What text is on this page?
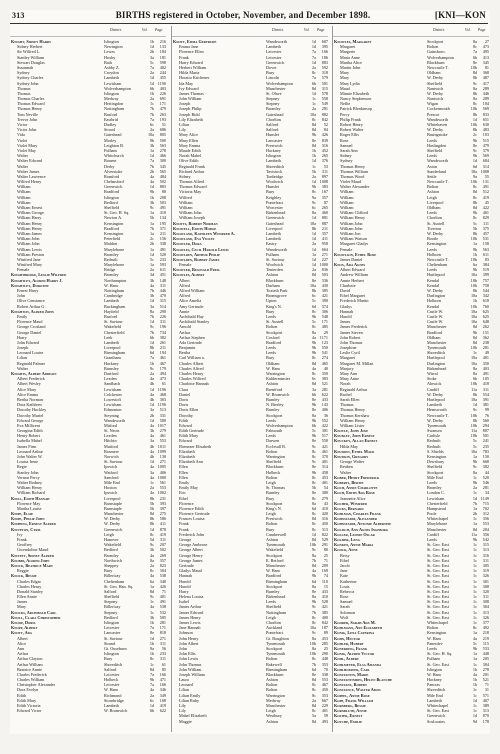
313	BIRTHS registered in October, November, and December 1898.	[KNI—KON
District.	Vol. Page
Knight, Sidney Harry	Islington	1b	216
Sidney Herbert	Newington	1d	133
Sir Wilfred L.	Lewes	2b	184
Stanley William	Hoxby	3a	181
Stewart Douglas	Bath	5c	598
Susannah	Ashby Z.	7a	402
Sydney	Croydon	2a	244
Sydney Charles	Lambeth	1d	455
Sydney John	Lewisham	1d 1190
Thomas	Wolverhampton	6b	403
Thomas	Islington	1b	226
Thomas Charles	Medway	2a	691
Thomas Edward	Hertingdon	1c	171
Thomas Henry	Nottingham	7b	479
Tom Neville	Basford	7b	263
Trevor John	Eastbrid	7a	193
Victor	Dudley	6c	51
Victor John	Strood	2a	686
Vida	Gateshead	10a	805
Violet	Morley	9b	500
Violet Mary	Leighton B.	3b	563
Violet May	Fulham	1a	278
Walter	Whitchurch	1d	466
Walter Edward	Bourne	7a	300
Walter	Derby	7b	345
Walter James	Alverstoke	2b	565
Walter Lawrence	Romford	4a	484
Wilfred Henry	Chelmsford	4a	502
William	Greenwich	1d	883
William	Bradford	9b	80
William	Islington	1b	208
William	Bedford	3b	503
William Ernest	Sheffield	9c	491
William George	St. Geo. H. Sq.	1a	410
William Harry	Newton A.	5b	134
William Henry	Kensington	1a	195
William Henry	Bradford	7b	371
William James	Kensington	1a	211
William John	Peterfield	2c	156
William John	Maldon	2b	338
William Lewis	Marylebone	1a	491
William Preston	Bromley	1d	520
Winifred Jane	Redruth	5c	233
Winifred Mary	Marylebone	1a	593
Female	Bridge	2a	611
Knightbridge, Leslie Wilfred	Bromley	3d	451
Knightley, Alfred Harry J.	Northampton	3b	148
Knightley, Dorothy	W. Ham	4a	311
Ernest Harry	Nottingham	7b	446
John	Cambridge	3b	470
Olive Constance	Lambeth	1d	315
Robert Arthur G.	Buckingham	3a	514
Knighton, Alfred John	Hayfield	8a	290
Emily	Basford	7b	226
Florence Maud	St. Saviour	1d	311
George Crosland	Wakefield	9c	196
George Daniel	Chesterfield	7b	734
Harry	Leek	6b	382
John Edward	Lambeth	1d	261
Joseph	Liverpool	8b	211
Leonard Louise	Birmingham	6d	194
Lilian	Grantham	7a	461
Reginald Palmer	Hackney	1b	467
Walter	Barnsley	9c	179
Knights, Albert Addison	Dartford	2a	494
Albert Frederick	Lexden	4a	473
Albert Wesley	Sandbach	4b	61
Alice Mary	Lewisham	1d 1196
Alice Emma	Colchester	4a	468
Bertha Norman	Lowestoft	4b	303
Dora Kathleen	Lewisham	1d 1196
Dorothy Hockley	Edmonton	3a	513
Dorothy Muriel	Steyning	2b	331
Edward George	Wandsworth	1d	580
Eva Millicent	Mitford	4a 1017
Georgina Edith	St. Neots	3b	279
Henry Robert	Lexden	4a	461
Isabella Mabel	Hitchin	3a	553
James Firm	Mutford	4b 1011
Leonard Arthur	Bosmere	4a 1099
John Walter W.	Norwich	4b	130
Louisa Irene	St. Saviour	1d	271
Regie	Ipswich	4a 1005
Stanley John	Watford	3a	406
Vernon Percy	Samford	4a 1000
Walter Rodney	Mile End	1c	561
William Henry	Hoxton	2a	553
William Richard	Ipswich	4a 1002
Knill, Edith Hannah	Liverpool	8b	231
Florence May	Barnstaple	5b	393
Martha Louise	Barnstaple	5b	397
Knipe, Elsie	Manchester	8d	275
Knipe, Philip John	W. Derby	8b	586
Knipping, Ernest Alfred	W. Derby	8b	411
Kniveton, Cyril	Greenwich	1d	878
Ivy	Leigh	8c	419
Frank	Hanover	5d	311
Geoffrey	Wakefield	9c	207
Gwendoline Maud	Bedford	3b	502
Knivett, Sidney Alfred	Bromley	4a	269
Knobbs, Alfred John	Northwich	8a	357
Knock, Beatrice Mary	Sheppey	2a	823
Reggie	Bury	8c	304
Knock, Bessie	Billericay	4a	538
Charles Edgar	Cheltenham	6a	340
Charles Henry	St. Geo. Han. Sq.	1a	426
Donald Stanley	Salford	8d	71
Ellen Annie	Sheffield	9c	401
James	Stepney	1c	491
Mary	Billericay	4a	538
Knocks, Archibald Carl	Stepney	1c	532
Knoll, Clara Christopher	Bedford	3b	505
Knoop, Doris	Islington	1b	281
Knopp, Albert	Leicester	7a	171
Knott, Ada	Lancaster	8e	818
Albert	St. Saviour	1d	271
Alice	Strand	1b	311
Ann	Gt. Ouseburn	9a	56
Arthur	Islington	1b	233
Arthur Clayton	Bury	8c	311
Arthur William	Shoreditch	1c	61
Beatrice Annie	Salford	8d	85
Charles Frederick	Leicester	7a	166
Charles William	Holbeck	9b	471
Christopher Alexander	Leicester	7a	166
Dora Evelyn	W. Ham	4a	346
Edith	Richmond	2a	349
Edith Mary	Stourbridge	6c	168
Edith Victoria	Lambeth	1d	419
Edward Victor	W. Bromwich	6b	622
District.	Vol. Page
Knott, Emma Gertrude	Wandsworth	1d	607
Emma Jane	Lambeth	1d	395
Florence Ellen	Leicester	7a	166
Frank	Leicester	7a	186
Harry Edward	Greenwich	1d	883
Herbert William	Dover	2a	592
Hilda Maria	Bury	8c	318
Horatio Kitchener	Lincoln	7a	579
Ida May	Wolverhampton	6b	501
Ivy Edward	Manchester	8d	315
James Thomas	St. Olave	1d	578
John William	Stepney	1c	558
Joseph	Stepney	1c	549
Joseph Philip	Bromley	2a	281
Joseph Ridd	Gateshead	10a	882
Lily Elizabeth	Chorlton	8c	842
Lilian	Salford	8d	52
Lily	Salford	8d	84
Mary Alice	Hunslet	9b	426
Mary Ellen	Lancaster	8e	839
Mary Emma	Prestwich	8d	316
Maude Edith	Hackney	1b	452
Norah Mabel	Islington	1b	265
Olive Edith	Lambeth	1d	376
Reginald Frank	Shoreditch	1c	53
Richard Arthur	Tavistock	5b	311
Sidney	Tonbridge	2a	897
Thomas Alfred	Woolwich	1d 1008
Thomas Edward	Hunslet	9b	383
Victoria May	Bury	8c	167
Wilfred	Keighley	9a	357
William	Pontefract	9c	87
William	Worcester	6c	265
William John	Birkenhead	8a	460
William Joseph	Greenwich	1d	881
Knotts, Robert Norman	Gateshead	10a	887
Knowell, Edwin Hodge	Liverpool	8b	211
Knowland, Kathleen Winifred A.	Lambeth	1d	357
Knowland, Eva Violet	Lambeth	1d	411
Knowler, Dora	Eastry	2a	958
Knowles, Cecil Harold Lewis	Wandsworth	1d	664
Knowlden, Arthur Philip	Fulham	1a	271
Knowlden, Robert James	St. Saviour	1d	227
Female	Woolwich	1d 1000
Knowler, Reginald Fred.	Tenterden	2a	836
Knowles, Albert	Ashton	8d	503
Albert	Blackburn	8e	336
Alfred	Durham	10a	430
Alfred William	Toxteth Park	8b	385
Alfred	Bromsgrove	6c	421
Alice Amelia	Upton	5c	390
Amy Gertrude	King's N.	6d	374
Annie	Bury	8c	306
Archibald Hay	Leeds	9b	548
Archibald Stanley	St. Austell	5c	171
Arnold	Bolton	8c	485
Arthur	Stockport	8a	29
Arthur Stephen	Cosford	4a 1171
Ada Gertrude	Bradford	9b	123
Benjamin	Leeds	9b	550
Bertha	Leeds	9b	541
Carl William a.	Bury	8c	274
Charles Albert	Oldham	8d	465
Charles Alfred	W. Ham	4a	40
Charles Henry	Warrington	8c	350
Charles Wilfred	Kidderminster	6c	383
Charlotte Hannah	Ashton	8d	521
Clara	Brentford	3a	281
Daniel	W. Bromwich	6b	622
Doris	Burnley	8e	433
Doris	N. Bierley	9b	143
Doris Ellen	Burnley	8e	406
Dorothy	Stockport	8a	36
Edith	Leeds	9b	552
Edward	Wolverhampton	6b	422
Edith Gertrude	Falmouth	5c	301
Edith Mary	Leeds	9b	517
Edward	Darwen	8e	550
Ebenezer Elisabeth	Ecclesall B.	9c	421
Elizabeth	Bolton	8c	461
Elizabeth	Warrington	8c	370
Elizabeth Ann	Sheffield	9c	401
Ellen	Blackburn	8e	314
Ellen	Holbeck	9b	458
Ellen	Bolton	8c	453
Emily	Leigh	8c	401
Emily May	St. Thomas	5b	54
Eric	Burnley	8e	380
Ethel	Bury	8c	279
Florence	Stockport	8a	43
Florence Edith	King's N.	6d	410
Florence Gertrude	Leigh	8c	420
Frances Louisa	Prestwich	8d	316
Frank	Bolton	8c	450
Frank	Bury	8c	313
Frederick John	Camberwell	1d	822
George	Ashton	8d	529
George Ambrose	Tynemouth	10b	291
George Albert	Wakefield	9c	80
George Henry	Stockport	8a	25
George James	E. Retford	7b	71
Gertrude	Manchester	8d	209
Gladys Maud	W. Ham	4a	169
Hannah	Bradford	9b	74
Harold	Birmingham	6d	110
Harold	Stockport	8a	15
Harry	Burnley	8e	433
Helena Louisa	Birkenhead	8a	410
Isabel	Leeds	9b	528
James Arthur	Sheffield	9c	421
James Edward	Nottingham	7b	385
James Henry	Leigh	8c	400
James Lewis	Chorlton	8c	842
Jane Hannah	Auckland	10a	187
Johnson	Pontefract	9c	89
John Henry	Gt. Boughton	8a	453
John Albert	Tynemouth	10b	285
John	Stockport	8a	25
John Ellis	Tynemouth	10b	290
John Lewis	Bolton	8c	448
John Thomas	Bakewell	7b	353
John William	Birmingham	6d	70
Joseph William	Blackburn	8e	338
Laura	Ashton	8d	553
Leonard	Bolton	8c	467
Lilian	Bolton	8c	450
Lilian Emily	Warrington	8c	353
Lilian Ruby	Medway	2a	667
Lily	Manchester	8d	229
Lily	Leigh	8c	401
Mabel Elizabeth	Westbury	5a	59
Maggie	Ashton	8d	493
District.	Vol. Page
Knowles, Margaret	Stockport	8a	27
Margaret	Bolton	8c	473
Margerie	Gainsboro.	7a	495
Maria Anne	Wolverhampton	6b	413
Martha Alice	Blackburn	8e	345
Martin John	Newcastle T.	10b	81
Mary	Oldham	8d	368
Mary	W. Derby	8b	487
Mary Lydia	Sheffield	9c	417
Maud	Nantwich	8a	289
Minnie Elizabeth	W. Derby	8b	446
Nancy Stephenson	Nantwich	8a	289
Nellie	Wigan	8c	104
Patrick Blenkinsop	Cockermouth	10b	569
Percy	Prescot	8b	833
Philip Frank	Wandsworth	1d	651
Robert Henry	Whitehaven	10b	630
Robert Walter	W. Derby	8b	483
Roger Ellis	Basingstoke	2c	103
Rose	Leeds	9b	515
Samuel	Haslingden	8e	479
Sarah Ann	Sheffield	9c	379
Sidney	Leeds	9b	569
Sydney	Wandsworth	1d	684
Thomas Henry	Aston	6d	314
Thomas William	Sunderland	10a 1008
Thomas Wood	Settle	9a	55
Violet Maud	Newcastle T.	10b	131
Walter Alexander	Bolton	8c	491
William	Ashton	8d	512
William	Leigh	8c	419
William	Liverpool	8b	45
William	Oldham	8d	422
William Clifford	Leeds	9b	461
William Henry	Chorlton	8c	829
William John	St. Austell	5c	111
William John	Tiverton	5b	375
William Jon	W. Derby	8b	457
William Watson	Bootle	10b	531
Margaret Gladys	Kensington	1a	158
Female	Leeds	9b	563
Knowlson, Ethel Rose	Holborn	1b	611
James Daniel	Newcastle T.	10b	83
Knox, Ada Agnes	Cheltenham	6a	384
Albert Edward	Leeds	9b	519
Andrew William	Hartlepool	10a	399
Annie Herbert	Kendal	10b	757
Charlotte	Kendal	10b	758
David	W. Derby	8b	544
Ethel Margaret	Darlington	10a	342
Frederick Martin	Holborn	1b	618
Gladys	Kendal	10b	760
Hannah	Castle W.	10a	625
Harold	Castle W.	10a	625
James	Castle W.	10a	648
James Frederick	Manchester	8d	262
James Steven	Bradford	9b	151
John Robert	Oldham	8d	362
John Thomas	Manchester	8d	238
Josephine	Tynemouth	10b	281
Leslie Cyril	Shoreditch	1c	49
Margaret	Hartlepool	10a	401
Margaret M. Millan	Darlington	10a	350
Marjory	Birkenhead	8a	403
Mary Ann	Wirral	8a	491
Mary Anne	Stoke	6b	105
Norah	Alnwick	10b	418
Reginald Arthur	Cardiff	11a	311
Rachel	W. Derby	8b	554
Sarah Ellen	Hartlepool	10a	391
Thomas	Lambeth	1d	381
Thomas Henry	Hemsworth	9c	99
Thomas Kershaw	Newcastle T.	10b	76
William Henry	W. Derby	8b	560
William Lister	Tynemouth	10b	294
Knoyle, John Jose	Swansea	11a	807
Knubley, John Ernest	Carlisle	10b	501
Knuckey, Allan Ernest	Redruth	5c	241
Hilda May	Redruth	5c	235
Knudsen, Ethel Maud	S. Shields	10a	783
Knudson, Gregory	Kensington	1a	150
George Walter	Dewsbury	9b	668
Reuben	Sheffield	9c	382
Walter	Stockport	8a	44
Kober, Henry Frederick	Mile End	1c	520
Koberts, Bertie	Leeds	9b	546
Koch, Annie Charlotte	Bromley	2a	281
Koch, Edith Ada Rose	London C.	1c	34
Jeannette Alice	Lewisham	1d 1149
Kocher, Winifred	Chesterfield	7b	715
Kocks, Bernard	Hampstead	1a	702
Kohlman, Charles Frank	Poole	2b	312
Kohnstamm, Alexander	Whitechapel	1c	356
Kohnstamm, Antonie Albertine	Marylebone	1a	553
Kolisch, Ann Agnes Ingeborg	Manchester	8d	204
Koller, Leonie Oscar	Cardiff	11a	356
Kolmer, Lena	Leeds	9b	542
Konken, Annie Maria	St. Geo. East	1c	315
Koock, Anne	St. Geo. East	1c	313
Betsy	St. Geo. East	1c	316
Ethel	St. Geo. East	1c	311
Jacob	St. Geo. East	1c	305
Jane	St. Geo. East	1c	319
Kate	St. Geo. East	1c	326
Katherine	St. Geo. East	1c	301
Louis	St. Geo. East	1c	308
Rebecca	St. Geo. East	1c	320
Rose	St. Geo. East	1c	311
Samuel	St. Geo. East	1c	308
Sarah	St. Geo. East	1c	304
Solomon	St. Geo. East	1c	313
Wolf	St. Geo. East	1c	326
Koorer, Sarah Ada M.	Whitechapel	1c	377
Kohlmann, Ann Elizabeth	Bolton	8c	492
Konig, Lena Caterina	Kensington	1a	218
Kohn, Hector	W. Ham	4a	219
Kohler, Hubert	Panerdev	5c	115
Konerding, Frank	Leeds	9b	533
Konig, Alfred Victor	St. Geo. H. Sq.	1a	448
Kohl, Albert	Fulham	1a	205
Kohlmeyer, Elsa Amanda	St. Geo. East	1c	304
Kohlhoeffer, Carl	Islington	1b	278
Konstantin, Marie	W. Ham	4a	201
Konstantinides, Helen Blanche	Hackney	1b	521
Konstanz, Robert	Pancras	1b	71
Konstance, Walter Amos	Shoreditch	1c	31
Koppel, Annie Rose	Mile End	1c	571
Kopp, Frank William	Lambeth	1d	407
Kornberg, Bessie	Whitechapel	1c	389
Kornbluth, Annie	St. Geo. East	1c	313
Koster, Ernest	Greenwich	1d	870
Kotche, Emilie	Sculcoates	9d	178
